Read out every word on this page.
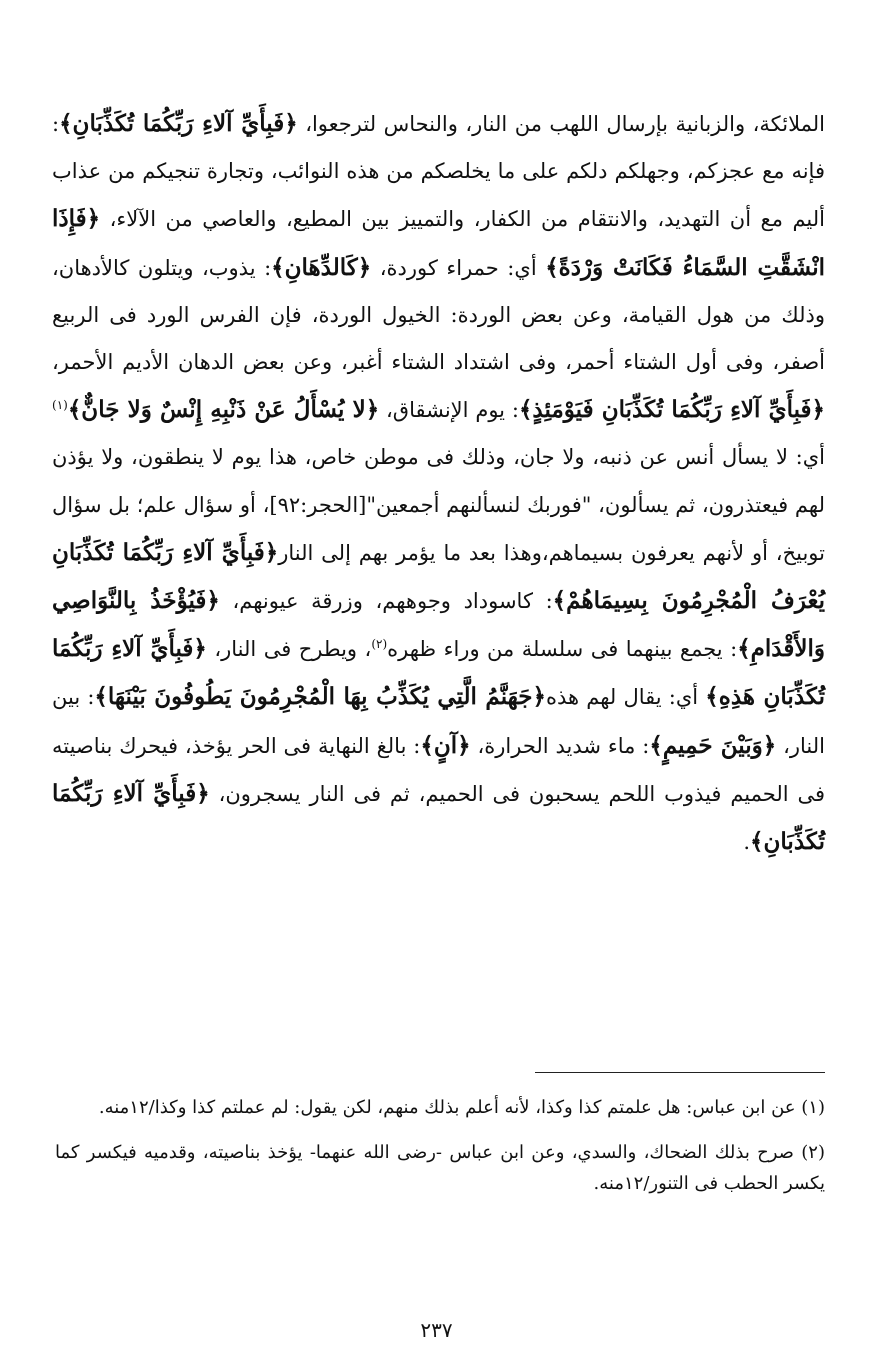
الملائكة، والزبانية بإرسال اللهب من النار، والنحاس لترجعوا، ﴿فَبِأَيِّ آلاءِ رَبِّكُمَا تُكَذِّبَانِ﴾: فإنه مع عجزكم، وجهلكم دلكم على ما يخلصكم من هذه النوائب، وتجارة تنجيكم من عذاب أليم مع أن التهديد، والانتقام من الكفار، والتمييز بين المطيع، والعاصي من الآلاء، ﴿فَإِذَا انْشَقَّتِ السَّمَاءُ فَكَانَتْ وَرْدَةً﴾ أي: حمراء كوردة، ﴿كَالدِّهَانِ﴾: يذوب، ويتلون كالأدهان، وذلك من هول القيامة، وعن بعض الوردة: الخيول الوردة، فإن الفرس الورد فى الربيع أصفر، وفى أول الشتاء أحمر، وفى اشتداد الشتاء أغبر، وعن بعض الدهان الأديم الأحمر،﴿فَبِأَيِّ آلاءِ رَبِّكُمَا تُكَذِّبَانِ فَيَوْمَئِذٍ﴾: يوم الإنشقاق، ﴿لا يُسْأَلُ عَنْ ذَنْبِهِ إِنْسٌ وَلا جَانٌّ﴾$^{(١)}$ أي: لا يسأل أنس عن ذنبه، ولا جان، وذلك فى موطن خاص، هذا يوم لا ينطقون، ولا يؤذن لهم فيعتذرون، ثم يسألون، "فوربك لنسألنهم أجمعين"[الحجر:٩٢]، أو سؤال علم؛ بل سؤال توبيخ، أو لأنهم يعرفون بسيماهم،وهذا بعد ما يؤمر بهم إلى النار﴿فَبِأَيِّ آلاءِ رَبِّكُمَا تُكَذِّبَانِ يُعْرَفُ الْمُجْرِمُونَ بِسِيمَاهُمْ﴾: كاسوداد وجوههم، وزرقة عيونهم، ﴿فَيُؤْخَذُ بِالنَّوَاصِي وَالأَقْدَامِ﴾: يجمع بينهما فى سلسلة من وراء ظهره$^{(٢)}$، ويطرح فى النار، ﴿فَبِأَيِّ آلاءِ رَبِّكُمَا تُكَذِّبَانِ هَذِهِ﴾ أي: يقال لهم هذه﴿جَهَنَّمُ الَّتِي يُكَذِّبُ بِهَا الْمُجْرِمُونَ يَطُوفُونَ بَيْنَهَا﴾: بين النار، ﴿وَبَيْنَ حَمِيمٍ﴾: ماء شديد الحرارة، ﴿آنٍ﴾: بالغ النهاية فى الحر يؤخذ، فيحرك بناصيته فى الحميم فيذوب اللحم يسحبون فى الحميم، ثم فى النار يسجرون، ﴿فَبِأَيِّ آلاءِ رَبِّكُمَا تُكَذِّبَانِ﴾.

(١) عن ابن عباس: هل علمتم كذا وكذا، لأنه أعلم بذلك منهم، لكن يقول: لم عملتم كذا وكذا/١٢منه.

(٢) صرح بذلك الضحاك، والسدي، وعن ابن عباس -رضى الله عنهما- يؤخذ بناصيته، وقدميه فيكسر كما يكسر الحطب فى التنور/١٢منه.

٢٣٧
